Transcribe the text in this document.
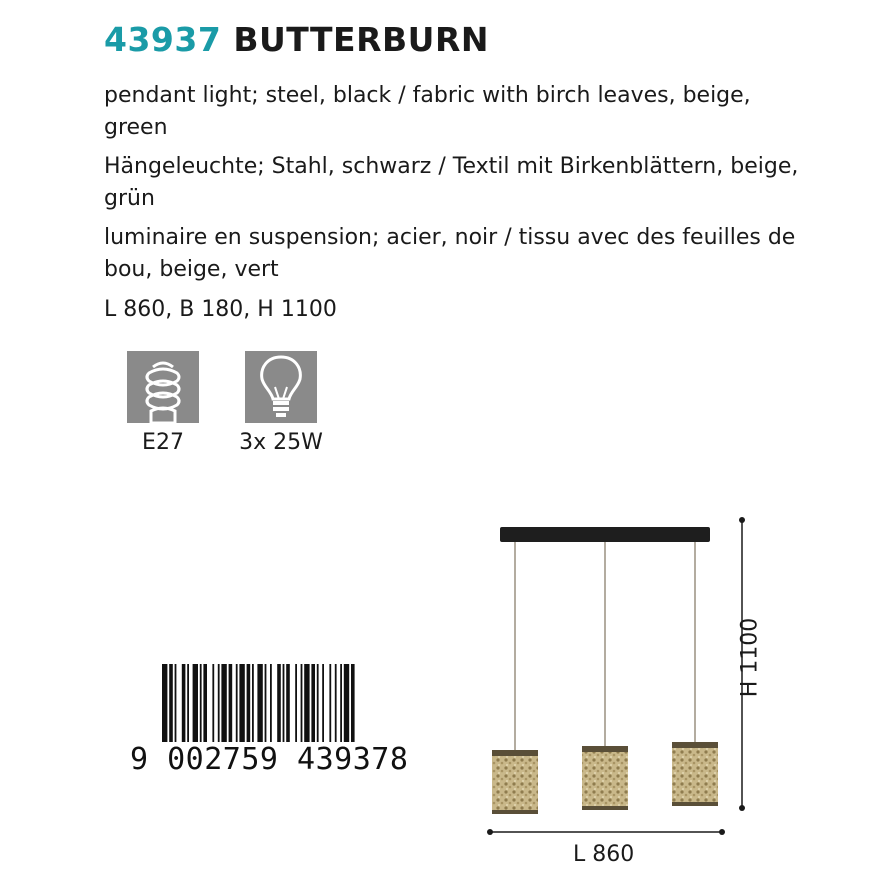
43937 BUTTERBURN
pendant light; steel, black / fabric with birch leaves, beige, green
Hängeleuchte; Stahl, schwarz / Textil mit Birkenblättern, beige, grün
luminaire en suspension; acier, noir / tissu avec des feuilles de bou, beige, vert
L 860, B 180, H 1100
E27	3x 25W
9 002759 439378
H 1100
L 860
